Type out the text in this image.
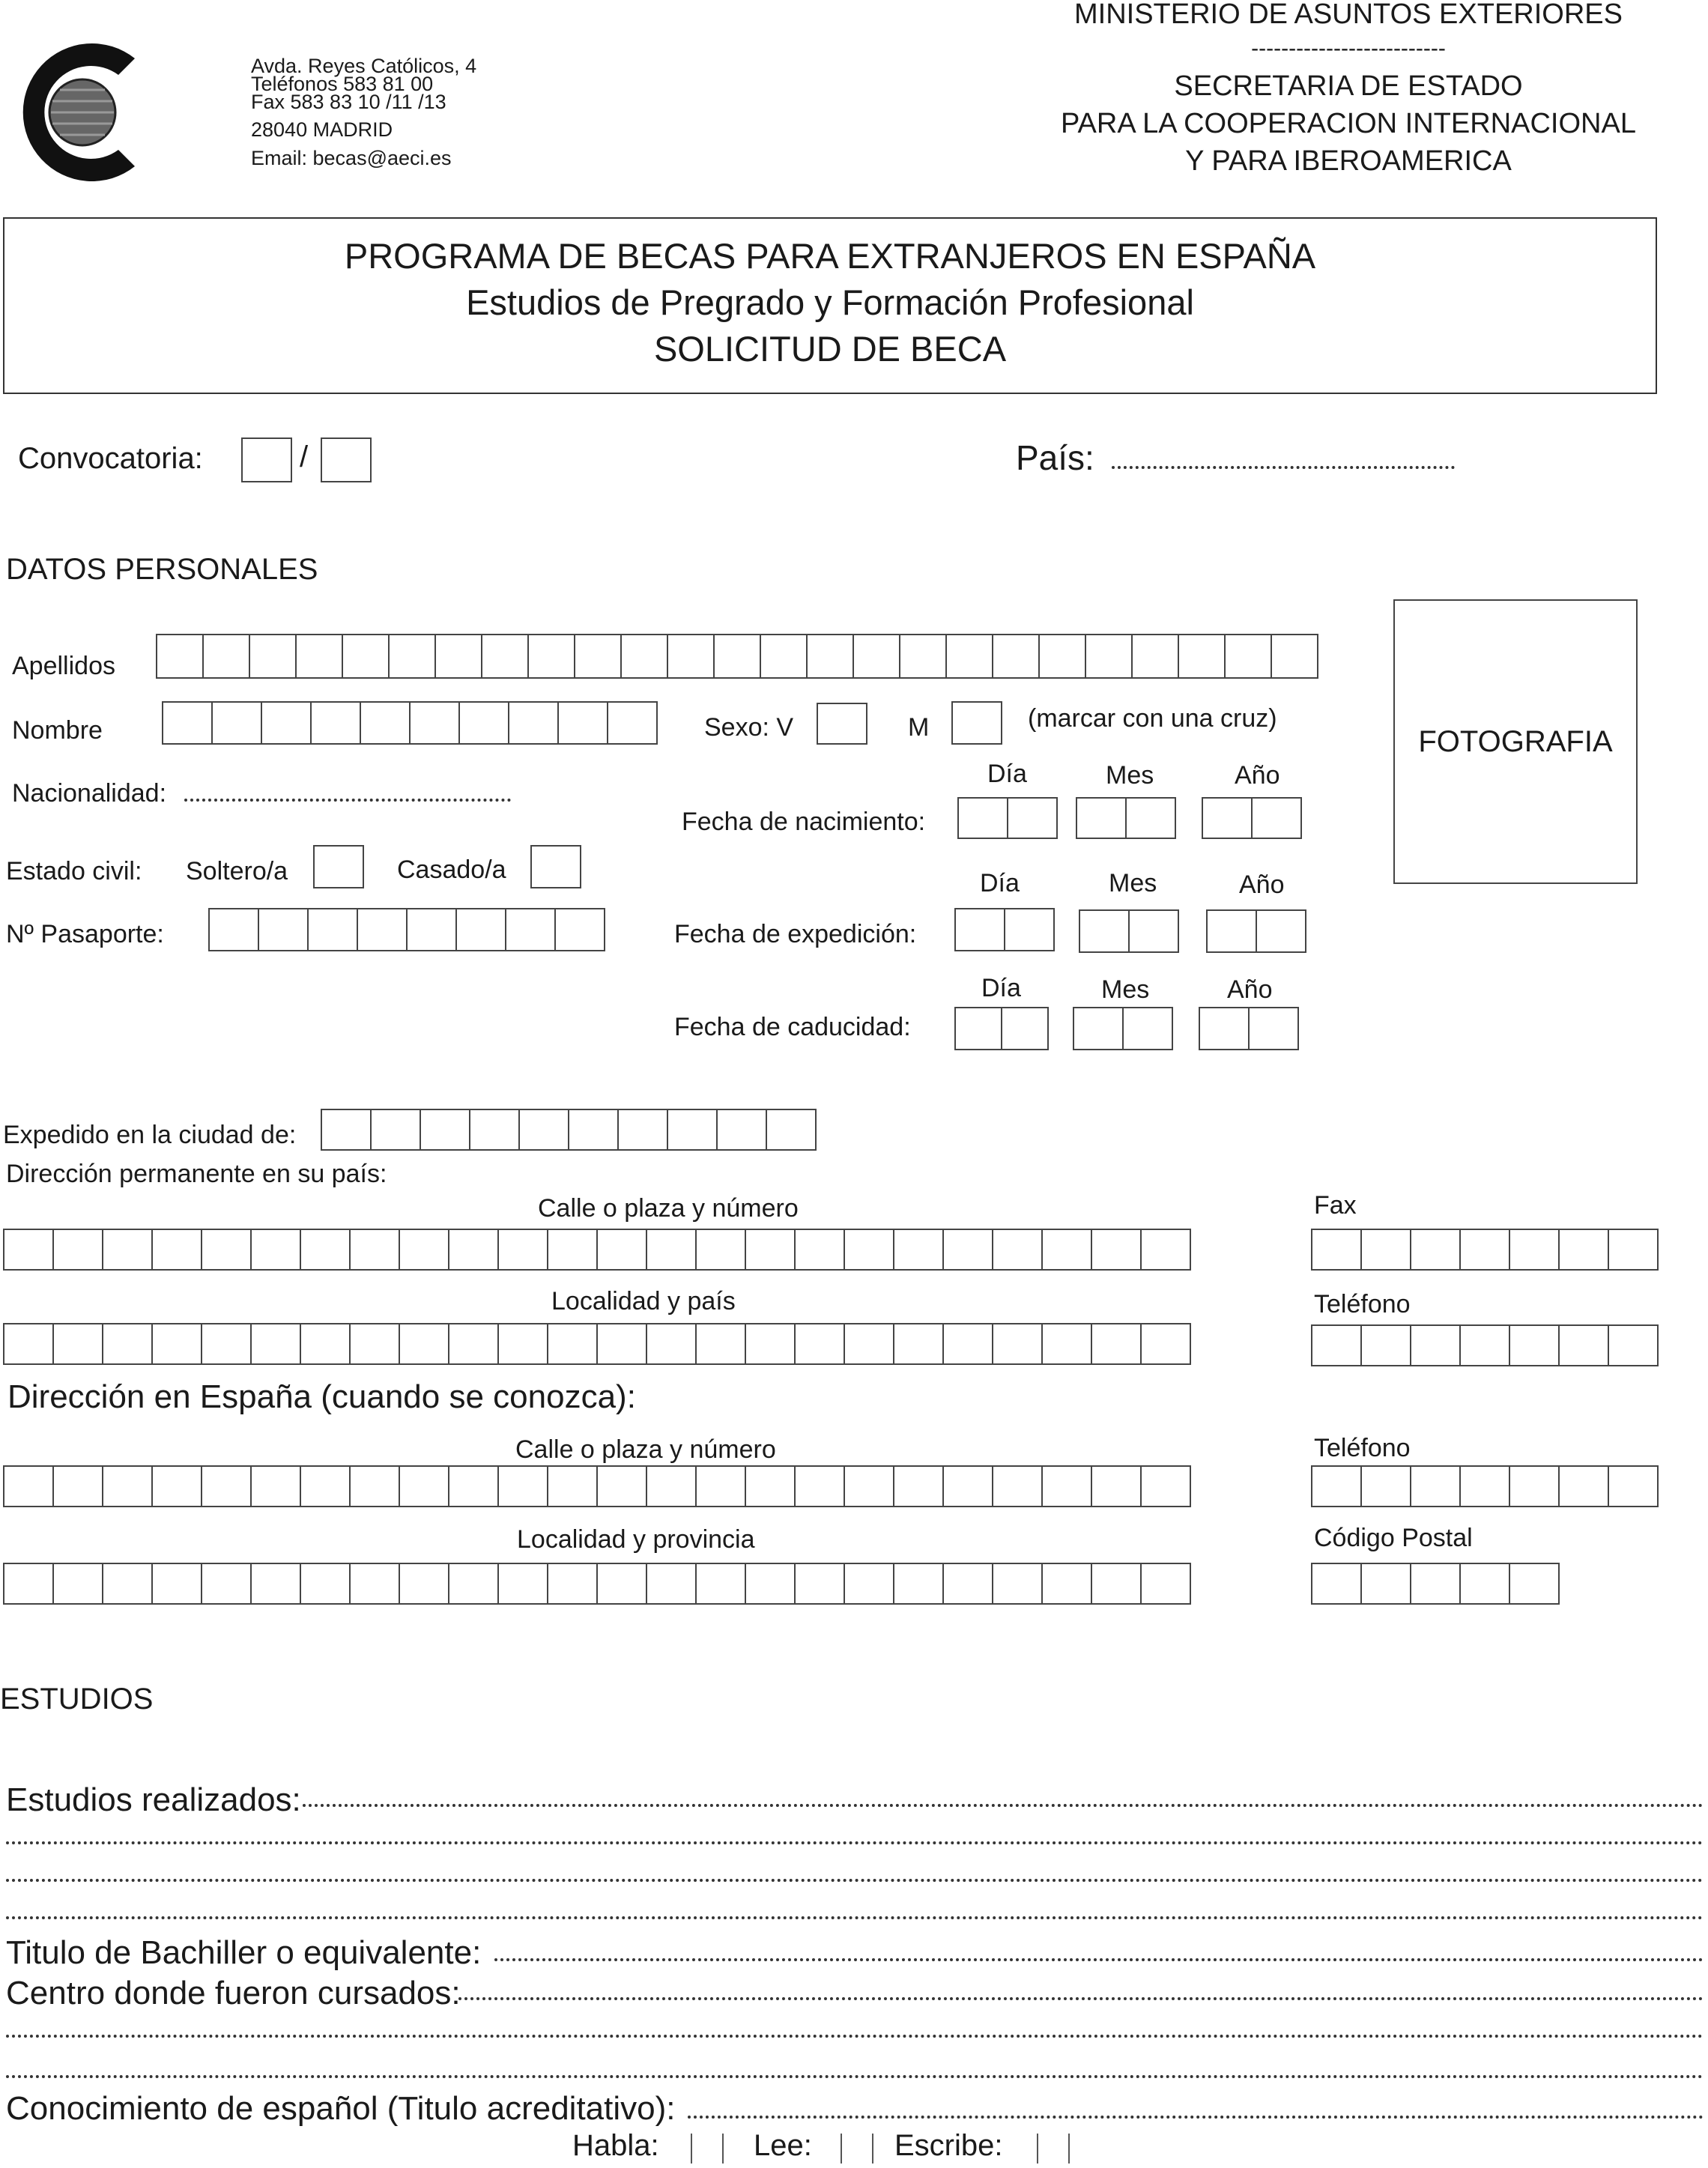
Avda. Reyes Católicos, 4
Teléfonos 583 81 00
Fax 583 83 10 /11 /13
28040 MADRID
Email: becas@aeci.es
MINISTERIO DE ASUNTOS EXTERIORES
--------------------------
SECRETARIA DE ESTADO
PARA LA COOPERACION INTERNACIONAL
Y PARA IBEROAMERICA
PROGRAMA DE BECAS PARA EXTRANJEROS EN ESPAÑA
Estudios de Pregrado y Formación Profesional
SOLICITUD DE BECA
Convocatoria:	/	País:
DATOS PERSONALES
Apellidos
Nombre	Sexo: V	M	(marcar con una cruz)
FOTOGRAFIA
Nacionalidad:
Día	Mes	Año
Fecha de nacimiento:
Estado civil: Soltero/a	Casado/a	Día	Mes	Año
Nº Pasaporte:	Fecha de expedición:
Día	Mes	Año
Fecha de caducidad:
Expedido en la ciudad de:
Dirección permanente en su país:
Calle o plaza y número	Fax
Localidad y país	Teléfono
Dirección en España (cuando se conozca):
Calle o plaza y número	Teléfono
Localidad y provincia	Código Postal
ESTUDIOS
Estudios realizados:
Titulo de Bachiller o equivalente:
Centro donde fueron cursados:
Conocimiento de español (Titulo acreditativo):
Habla:	Lee:	Escribe:
